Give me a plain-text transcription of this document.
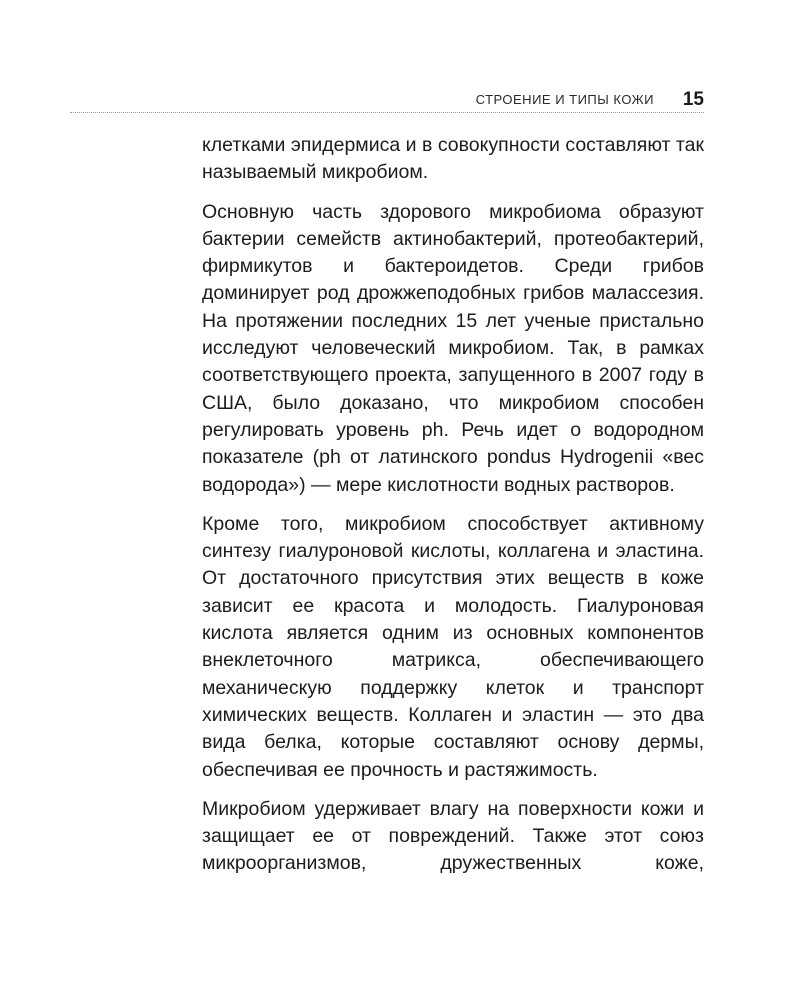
СТРОЕНИЕ И ТИПЫ КОЖИ 15

клетками эпидермиса и в совокупности составляют так называемый микробиом.

Основную часть здорового микробиома образуют бактерии семейств актинобактерий, протеобактерий, фирмикутов и бактероидетов. Среди грибов доминирует род дрожжеподобных грибов малассезия. На протяжении последних 15 лет ученые пристально исследуют человеческий микробиом. Так, в рамках соответствующего проекта, запущенного в 2007 году в США, было доказано, что микробиом способен регулировать уровень ph. Речь идет о водородном показателе (ph от латинского pondus Hydrogenii «вес водорода») — мере кислотности водных растворов.

Кроме того, микробиом способствует активному синтезу гиалуроновой кислоты, коллагена и эластина. От достаточного присутствия этих веществ в коже зависит ее красота и молодость. Гиалуроновая кислота является одним из основных компонентов внеклеточного матрикса, обеспечивающего механическую поддержку клеток и транспорт химических веществ. Коллаген и эластин — это два вида белка, которые составляют основу дермы, обеспечивая ее прочность и растяжимость.

Микробиом удерживает влагу на поверхности кожи и защищает ее от повреждений. Также этот союз микроорганизмов, дружественных коже,
